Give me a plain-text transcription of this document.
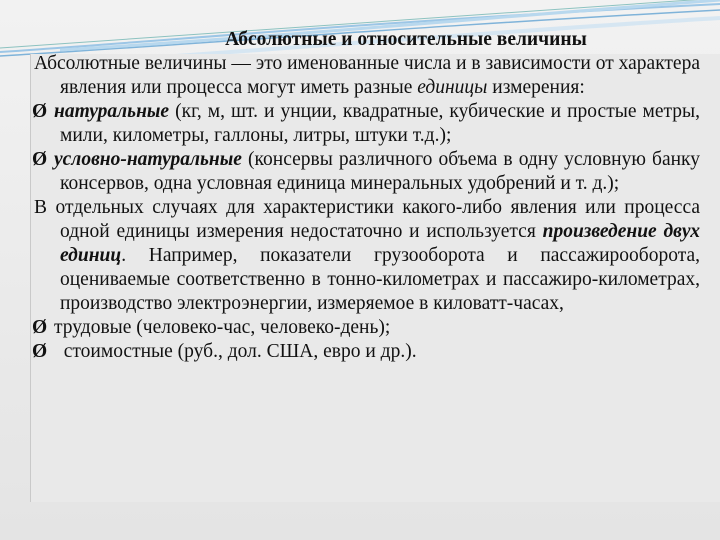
Абсолютные и относительные величины

Абсолютные величины — это именованные числа и в зависимости от характера явления или процесса могут иметь разные единицы измерения:

Ø натуральные (кг, м, шт. и унции, квадратные, кубические и простые метры, мили, километры, галлоны, литры, штуки т.д.);

Ø условно-натуральные (консервы различного объема в одну условную банку консервов, одна условная единица минеральных удобрений и т. д.);

В отдельных случаях для характеристики какого-либо явления или процесса одной единицы измерения недостаточно и используется произведение двух единиц. Например, показатели грузооборота и пассажирооборота, оцениваемые соответственно в тонно-километрах и пассажиро-километрах, производство электроэнергии, измеряемое в киловатт-часах,

Ø трудовые (человеко-час, человеко-день);

Ø  стоимостные (руб., дол. США, евро и др.).
